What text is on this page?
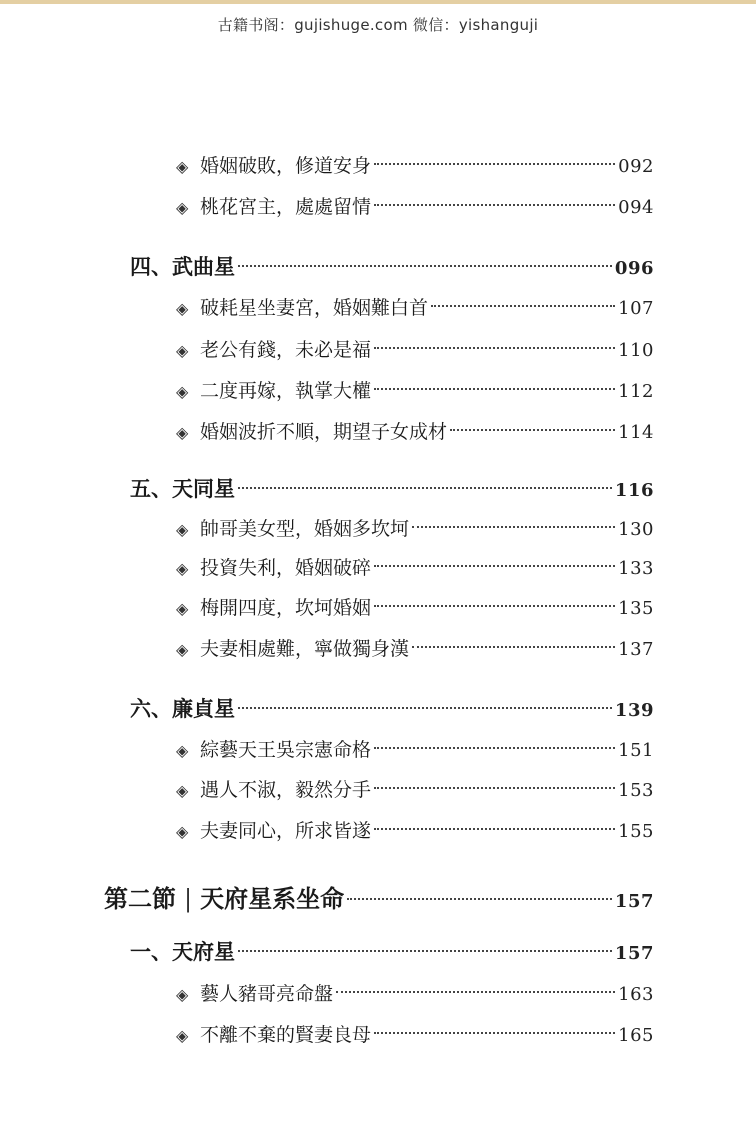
古籍书阁：gujishuge.com 微信：yishanguji
◈ 婚姻破敗，修道安身	092
◈ 桃花宮主，處處留情	094
四、武曲星	096
◈ 破耗星坐妻宮，婚姻難白首	107
◈ 老公有錢，未必是福	110
◈ 二度再嫁，執掌大權	112
◈ 婚姻波折不順，期望子女成材	114
五、天同星	116
◈ 帥哥美女型，婚姻多坎坷	130
◈ 投資失利，婚姻破碎	133
◈ 梅開四度，坎坷婚姻	135
◈ 夫妻相處難，寧做獨身漢	137
六、廉貞星	139
◈ 綜藝天王吳宗憲命格	151
◈ 遇人不淑，毅然分手	153
◈ 夫妻同心，所求皆遂	155
第二節 | 天府星系坐命	157
一、天府星	157
◈ 藝人豬哥亮命盤	163
◈ 不離不棄的賢妻良母	165
